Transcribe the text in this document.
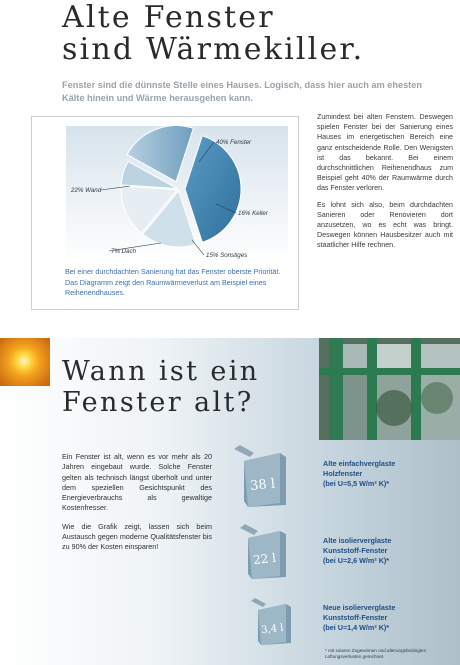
Alte Fenster
sind Wärmekiller.
Fenster sind die dünnste Stelle eines Hauses. Logisch, dass hier auch am ehesten Kälte hinein und Wärme herausgehen kann.
40% Fenster
16% Keller
15% Sonstiges
7% Dach
22% Wand
Bei einer durchdachten Sanierung hat das Fenster oberste Priorität. Das Diagramm zeigt den Raumwärmeverlust am Beispiel eines Reihenendhauses.

Zumindest bei alten Fenstern. Deswegen spielen Fenster bei der Sanierung eines Hauses im energetischen Bereich eine ganz entscheidende Rolle. Den Wenigsten ist das bekannt. Bei einem durchschnittlichen Reihenendhaus zum Beispiel geht 40% der Raumwärme durch das Fenster verloren.

Es lohnt sich also, beim durchdachten Sanieren oder Renovieren dort anzusetzen, wo es echt was bringt. Deswegen können Hausbesitzer auch mit staatlicher Hilfe rechnen.

Wann ist ein
Fenster alt?

Ein Fenster ist alt, wenn es vor mehr als 20 Jahren eingebaut wurde. Solche Fenster gelten als technisch längst überholt und unter dem speziellen Gesichtspunkt des Energieverbrauchs als gewaltige Kostenfresser.

Wie die Grafik zeigt, lassen sich beim Austausch gegen moderne Qualitätsfenster bis zu 90% der Kosten einsparen!

38 l
22 l
3,4 l
Alte einfachverglaste
Holzfenster
(bei U=5,5 W/m² K)*
Alte isolierverglaste
Kunststoff-Fenster
(bei U=2,6 W/m² K)*
Neue isolierverglaste
Kunststoff-Fenster
(bei U=1,4 W/m² K)*
* mit solaren Zugewinnen und alterungsbedingten Lüftungsverlusten gerechnet.
